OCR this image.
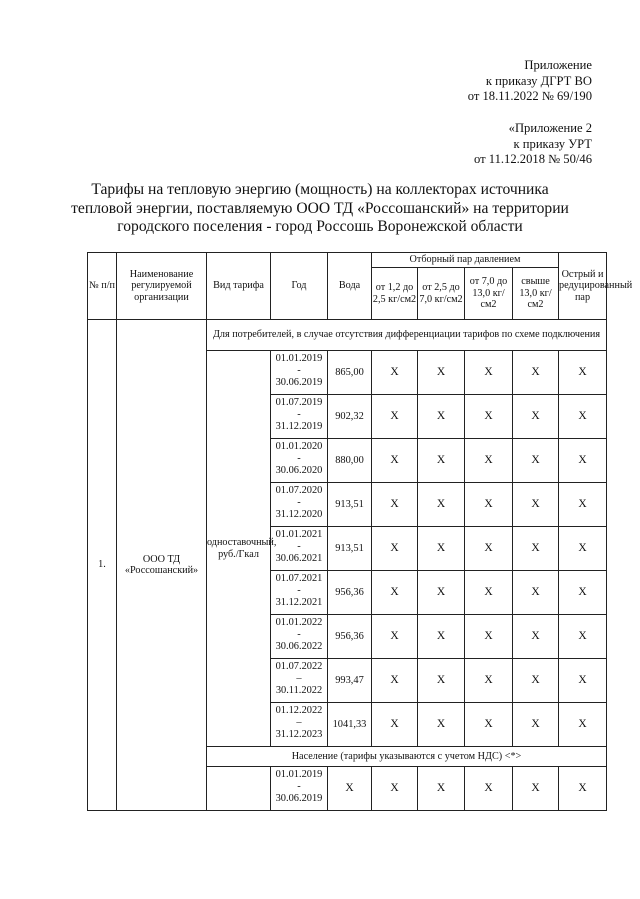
Приложение
к приказу ДГРТ ВО
от 18.11.2022 № 69/190
«Приложение 2
к приказу УРТ
от 11.12.2018 № 50/46
Тарифы на тепловую энергию (мощность) на коллекторах источника
тепловой энергии, поставляемую ООО ТД «Россошанский» на территории
городского поселения - город Россошь Воронежской области
№ п/п	Наименование регулируемой организации	Вид тарифа	Год	Вода	Отборный пар давлением				Острый и редуцированный пар
					от 1,2 до 2,5 кг/см2	от 2,5 до 7,0 кг/см2	от 7,0 до 13,0 кг/см2	свыше 13,0 кг/см2	
1.	ООО ТД «Россошанский»	Для потребителей, в случае отсутствия дифференциации тарифов по схеме подключения							
		одноставочный, руб./Гкал	01.01.2019
-
30.06.2019	865,00	X	X	X	X	X

			01.07.2019
-
31.12.2019	902,32	X	X	X	X	X

			01.01.2020
-
30.06.2020	880,00	X	X	X	X	X

			01.07.2020
-
31.12.2020	913,51	X	X	X	X	X

			01.01.2021
-
30.06.2021	913,51	X	X	X	X	X

			01.07.2021
-
31.12.2021	956,36	X	X	X	X	X

			01.01.2022
-
30.06.2022	956,36	X	X	X	X	X

			01.07.2022
–
30.11.2022	993,47	X	X	X	X	X

			01.12.2022
–
31.12.2023	1041,33	X	X	X	X	X
		Население (тарифы указываются с учетом НДС) <*>							

			01.01.2019
-
30.06.2019	X	X	X	X	X	X
